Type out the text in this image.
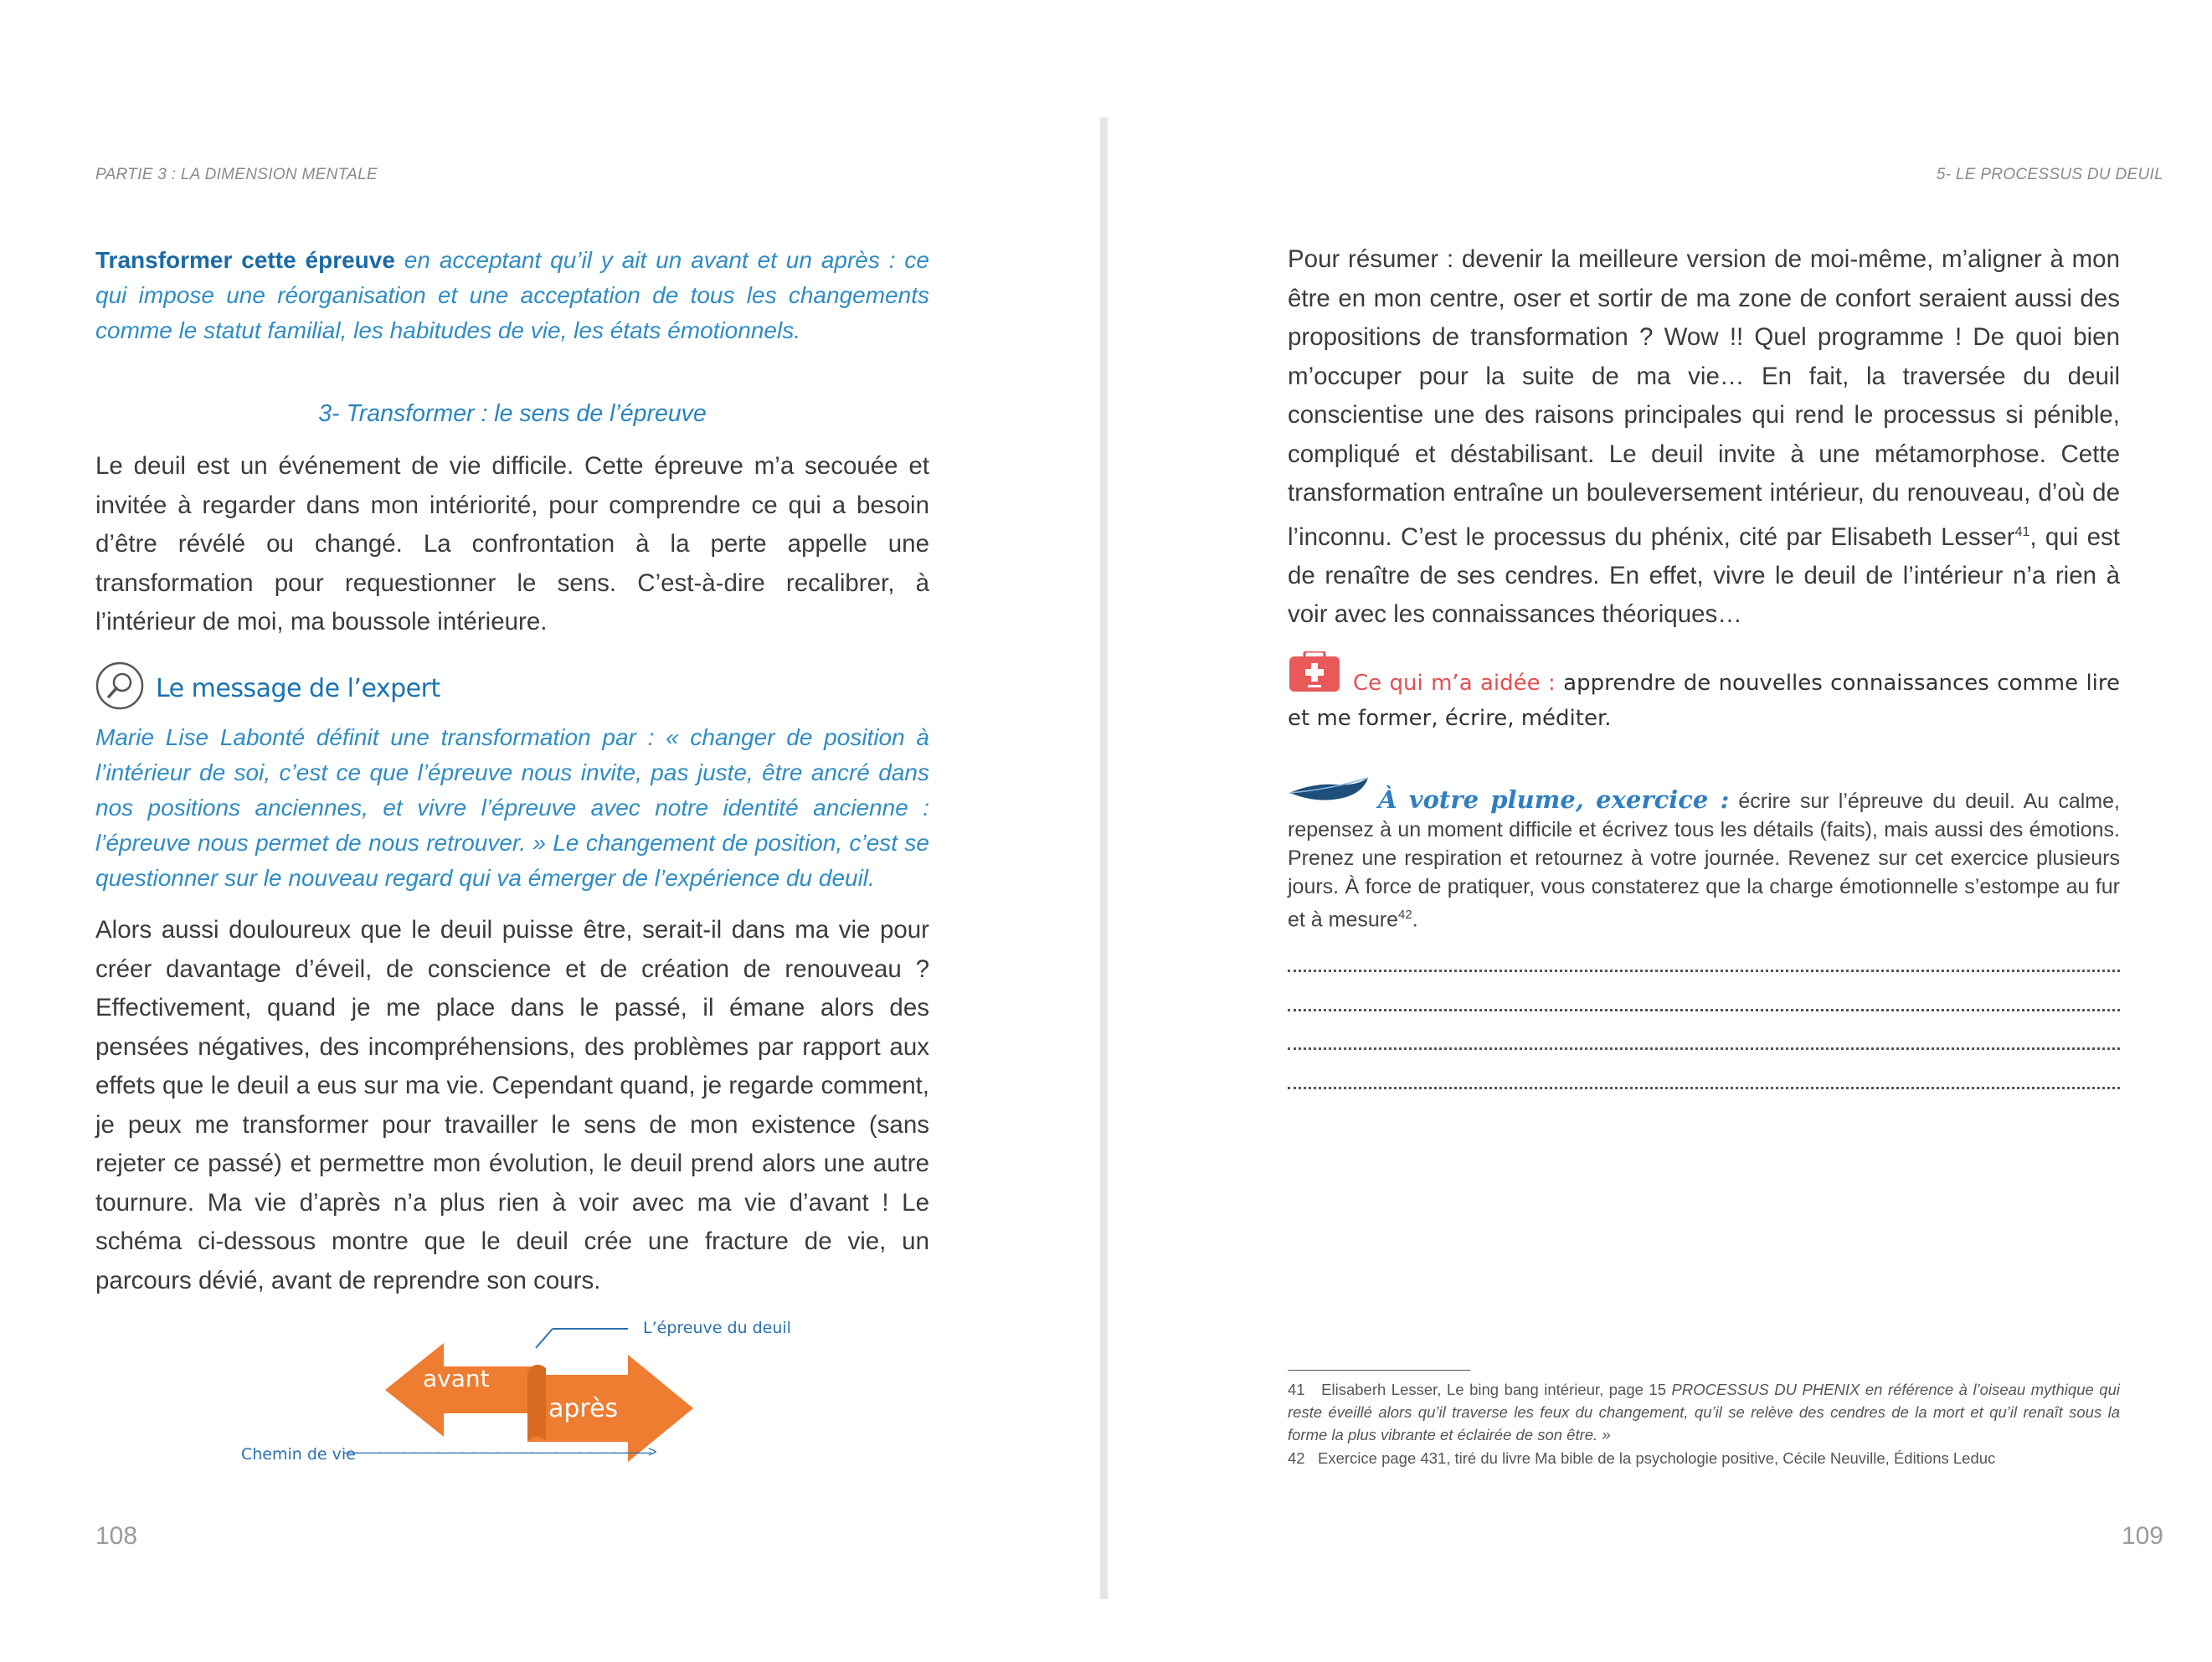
PARTIE 3 : LA DIMENSION MENTALE
Transformer cette épreuve en acceptant qu’il y ait un avant et un après : ce qui impose une réorganisation et une acceptation de tous les changements comme le statut familial, les habitudes de vie, les états émotionnels.
3- Transformer : le sens de l’épreuve
Le deuil est un événement de vie difficile. Cette épreuve m’a secouée et invitée à regarder dans mon intériorité, pour comprendre ce qui a besoin d’être révélé ou changé. La confrontation à la perte appelle une transformation pour requestionner le sens. C’est-à-dire recalibrer, à l’intérieur de moi, ma boussole intérieure.
Le message de l’expert
Marie Lise Labonté définit une transformation par : « changer de position à l’intérieur de soi, c’est ce que l’épreuve nous invite, pas juste, être ancré dans nos positions anciennes, et vivre l’épreuve avec notre identité ancienne : l’épreuve nous permet de nous retrouver. » Le changement de position, c’est se questionner sur le nouveau regard qui va émerger de l’expérience du deuil.
Alors aussi douloureux que le deuil puisse être, serait-il dans ma vie pour créer davantage d’éveil, de conscience et de création de renouveau ? Effectivement, quand je me place dans le passé, il émane alors des pensées négatives, des incompréhensions, des problèmes par rapport aux effets que le deuil a eus sur ma vie. Cependant quand, je regarde comment, je peux me transformer pour travailler le sens de mon existence (sans rejeter ce passé) et permettre mon évolution, le deuil prend alors une autre tournure. Ma vie d’après n’a plus rien à voir avec ma vie d’avant ! Le schéma ci-dessous montre que le deuil crée une fracture de vie, un parcours dévié, avant de reprendre son cours.
L’épreuve du deuil
avant
après
Chemin de vie
——————————————————————————>
108
5- LE PROCESSUS DU DEUIL
Pour résumer : devenir la meilleure version de moi-même, m’aligner à mon être en mon centre, oser et sortir de ma zone de confort seraient aussi des propositions de transformation ? Wow !! Quel programme ! De quoi bien m’occuper pour la suite de ma vie… En fait, la traversée du deuil conscientise une des raisons principales qui rend le processus si pénible, compliqué et déstabilisant. Le deuil invite à une métamorphose. Cette transformation entraîne un bouleversement intérieur, du renouveau, d’où de l’inconnu. C’est le processus du phénix, cité par Elisabeth Lesser$^{41}$, qui est de renaître de ses cendres. En effet, vivre le deuil de l’intérieur n’a rien à voir avec les connaissances théoriques…
Ce qui m’a aidée : apprendre de nouvelles connaissances comme lire et me former, écrire, méditer.
À votre plume, exercice : écrire sur l’épreuve du deuil. Au calme, repensez à un moment difficile et écrivez tous les détails (faits), mais aussi des émotions. Prenez une respiration et retournez à votre journée. Revenez sur cet exercice plusieurs jours. À force de pratiquer, vous constaterez que la charge émotionnelle s’estompe au fur et à mesure$^{42}$.
41 Elisaberh Lesser, Le bing bang intérieur, page 15 PROCESSUS DU PHENIX en référence à l’oiseau mythique qui reste éveillé alors qu’il traverse les feux du changement, qu’il se relève des cendres de la mort et qu’il renaît sous la forme la plus vibrante et éclairée de son être. »
42 Exercice page 431, tiré du livre Ma bible de la psychologie positive, Cécile Neuville, Éditions Leduc
109
